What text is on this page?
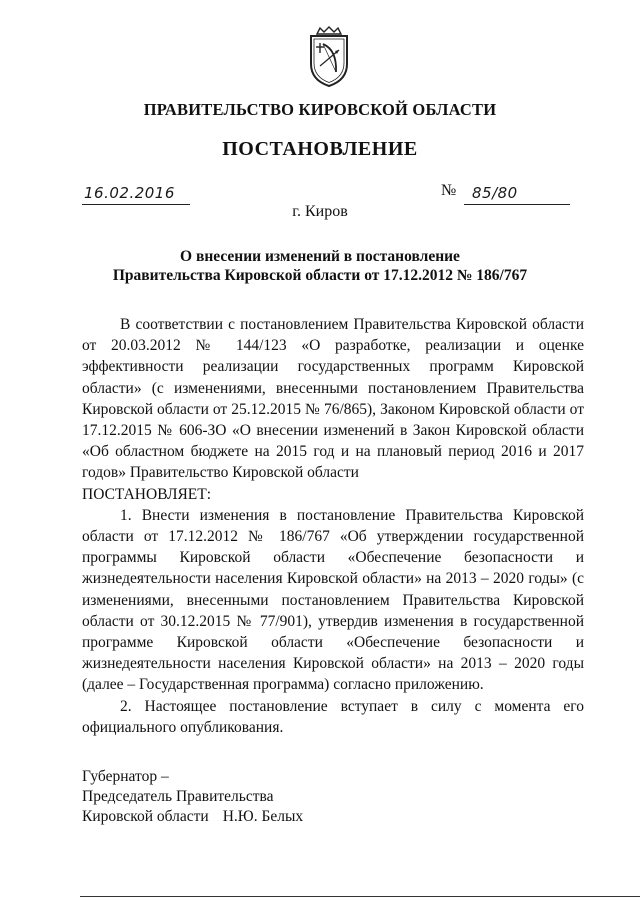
ПРАВИТЕЛЬСТВО КИРОВСКОЙ ОБЛАСТИ
ПОСТАНОВЛЕНИЕ
16.02.2016	№ 85/80
г. Киров
О внесении изменений в постановление
Правительства Кировской области от 17.12.2012 № 186/767

В соответствии с постановлением Правительства Кировской области от 20.03.2012 № 144/123 «О разработке, реализации и оценке эффективности реализации государственных программ Кировской области» (с изменениями, внесенными постановлением Правительства Кировской области от 25.12.2015 № 76/865), Законом Кировской области от 17.12.2015 № 606-ЗО «О внесении изменений в Закон Кировской области «Об областном бюджете на 2015 год и на плановый период 2016 и 2017 годов» Правительство Кировской области

ПОСТАНОВЛЯЕТ:

1. Внести изменения в постановление Правительства Кировской области от 17.12.2012 № 186/767 «Об утверждении государственной программы Кировской области «Обеспечение безопасности и жизнедеятельности населения Кировской области» на 2013 – 2020 годы» (с изменениями, внесенными постановлением Правительства Кировской области от 30.12.2015 № 77/901), утвердив изменения в государственной программе Кировской области «Обеспечение безопасности и жизнедеятельности населения Кировской области» на 2013 – 2020 годы (далее – Государственная программа) согласно приложению.

2. Настоящее постановление вступает в силу с момента его официального опубликования.

Губернатор –
Председатель Правительства
Кировской области Н.Ю. Белых
